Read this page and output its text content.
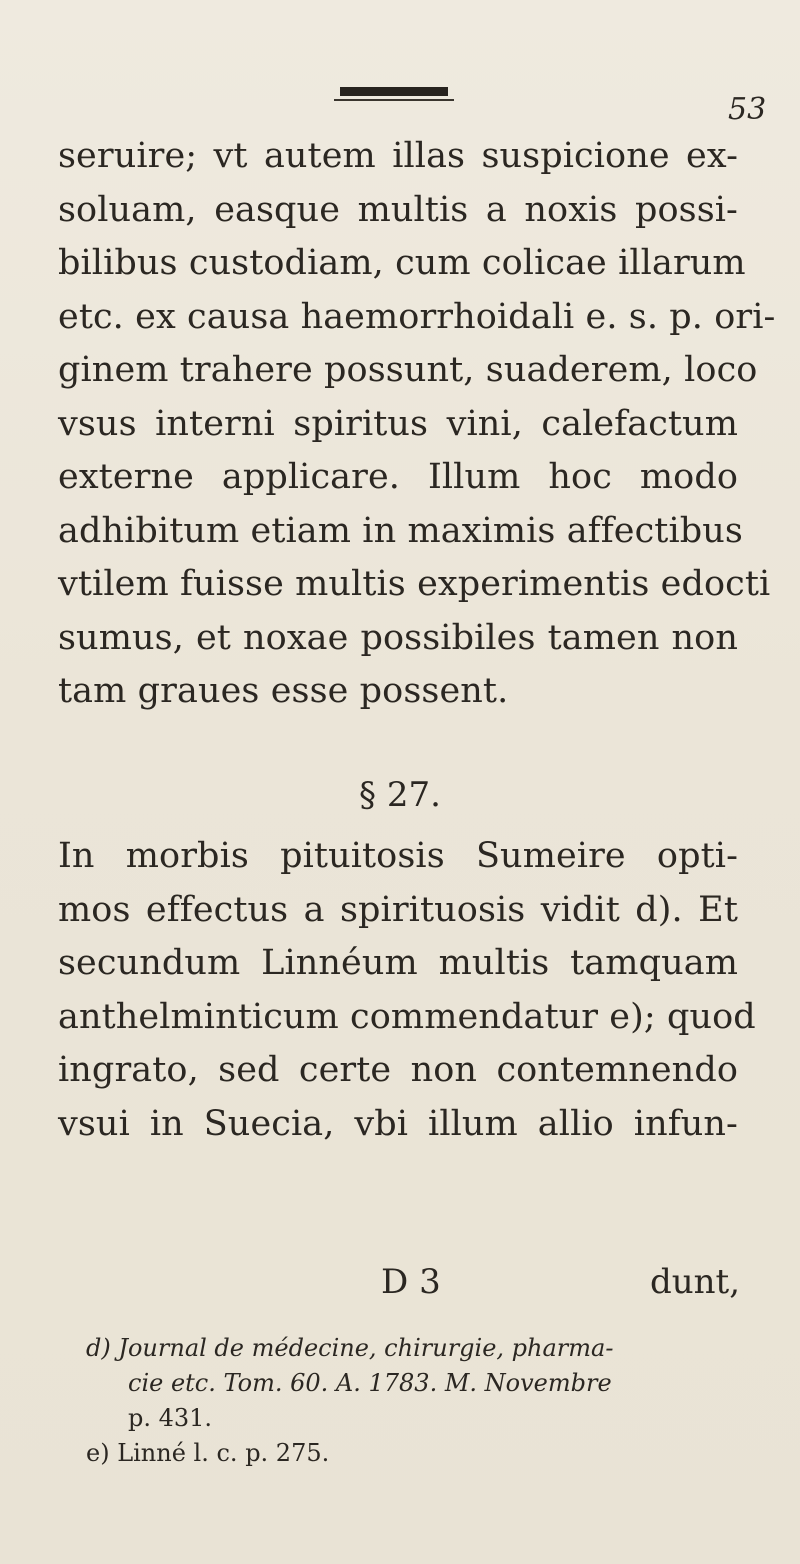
53
seruire; vt autem illas suspicione ex-
soluam, easque multis a noxis possi-
bilibus custodiam, cum colicae illarum
etc. ex causa haemorrhoidali e. s. p. ori-
ginem trahere possunt, suaderem, loco
vsus interni spiritus vini, calefactum
externe applicare. Illum hoc modo
adhibitum etiam in maximis affectibus
vtilem fuisse multis experimentis edocti
sumus, et noxae possibiles tamen non
tam graues esse possent.
§ 27.
In morbis pituitosis Sumeire opti-
mos effectus a spirituosis vidit d). Et
secundum Linnéum multis tamquam
anthelminticum commendatur e); quod
ingrato, sed certe non contemnendo
vsui in Suecia, vbi illum allio infun-
D 3	dunt,
d) Journal de médecine, chirurgie, pharma-
cie etc. Tom. 60. A. 1783. M. Novembre
p. 431.
e) Linné l. c. p. 275.
